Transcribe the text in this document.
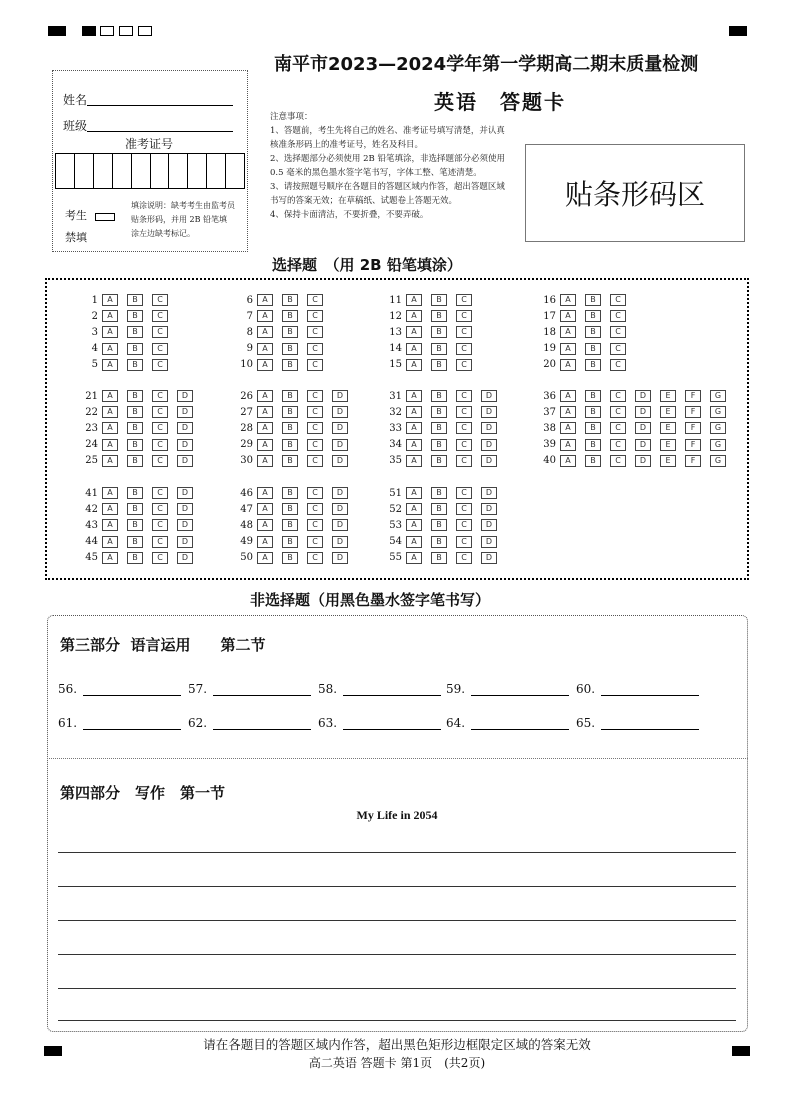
南平市2023—2024学年第一学期高二期末质量检测
英语　答题卡
姓名
班级
准考证号
考生
禁填
填涂说明：缺考考生由监考员贴条形码，并用 2B 铅笔填涂左边缺考标记。
注意事项：
1、答题前，考生先将自己的姓名、准考证号填写清楚，并认真核准条形码上的准考证号，姓名及科目。
2、选择题部分必须使用 2B 铅笔填涂，非选择题部分必须使用 0.5 毫米的黑色墨水签字笔书写，字体工整、笔迹清楚。
3、请按照题号顺序在各题目的答题区域内作答，超出答题区域书写的答案无效；在草稿纸、试题卷上答题无效。
4、保持卡面清洁，不要折叠，不要弄破。
贴条形码区
选择题　（用 2B 铅笔填涂）
1	A	B	C
2	A	B	C
3	A	B	C
4	A	B	C
5	A	B	C
6	A	B	C
7	A	B	C
8	A	B	C
9	A	B	C
10	A	B	C
11	A	B	C
12	A	B	C
13	A	B	C
14	A	B	C
15	A	B	C
16	A	B	C
17	A	B	C
18	A	B	C
19	A	B	C
20	A	B	C
21	A	B	C	D
22	A	B	C	D
23	A	B	C	D
24	A	B	C	D
25	A	B	C	D
26	A	B	C	D
27	A	B	C	D
28	A	B	C	D
29	A	B	C	D
30	A	B	C	D
31	A	B	C	D
32	A	B	C	D
33	A	B	C	D
34	A	B	C	D
35	A	B	C	D
36	A	B	C	D	E	F	G
37	A	B	C	D	E	F	G
38	A	B	C	D	E	F	G
39	A	B	C	D	E	F	G
40	A	B	C	D	E	F	G
41	A	B	C	D
42	A	B	C	D
43	A	B	C	D
44	A	B	C	D
45	A	B	C	D
46	A	B	C	D
47	A	B	C	D
48	A	B	C	D
49	A	B	C	D
50	A	B	C	D
51	A	B	C	D
52	A	B	C	D
53	A	B	C	D
54	A	B	C	D
55	A	B	C	D
非选择题（用黑色墨水签字笔书写）
第三部分  语言运用　　第二节
56.	57.	58.	59.	60.
61.	62.	63.	64.	65.
第四部分　写作　第一节
My Life in 2054
请在各题目的答题区域内作答，超出黑色矩形边框限定区域的答案无效
高二英语 答题卡 第1页　(共2页)
